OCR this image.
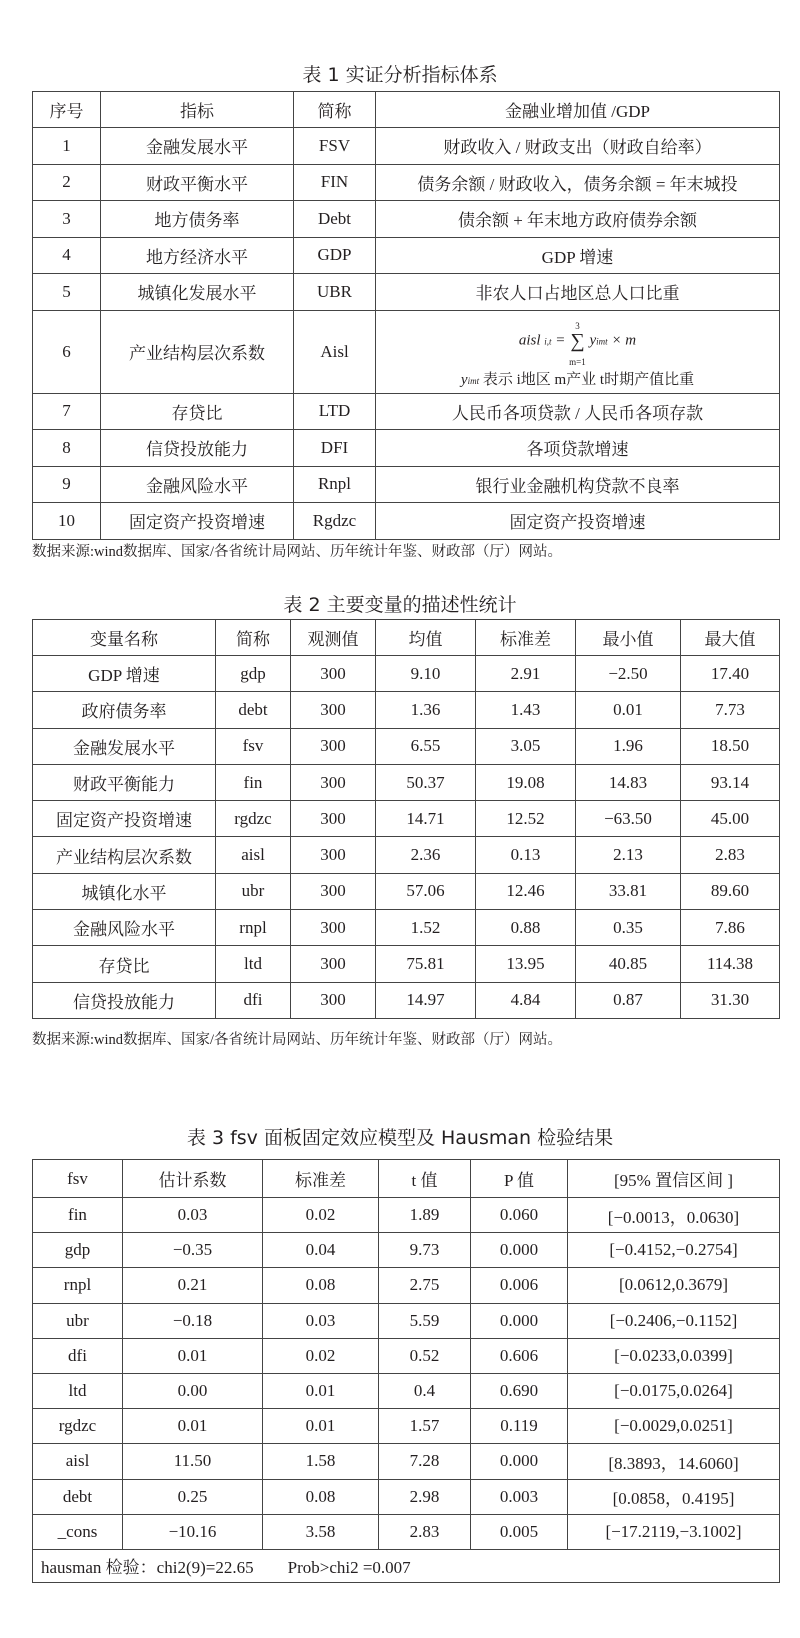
表 1 实证分析指标体系
序号	指标	简称	金融业增加值 /GDP
1	金融发展水平	FSV	财政收入 / 财政支出（财政自给率）
2	财政平衡水平	FIN	债务余额 / 财政收入，债务余额 = 年末城投
3	地方债务率	Debt	债余额 + 年末地方政府债券余额
4	地方经济水平	GDP	GDP 增速
5	城镇化发展水平	UBR	非农人口占地区总人口比重
6	产业结构层次系数	Aisl	aisl i,t = 3
∑
m=1 yimt × m
yimt 表示 i地区 m产业 t时期产值比重

7	存贷比	LTD	人民币各项贷款 / 人民币各项存款
8	信贷投放能力	DFI	各项贷款增速
9	金融风险水平	Rnpl	银行业金融机构贷款不良率
10	固定资产投资增速	Rgdzc	固定资产投资增速
数据来源:wind数据库、国家/各省统计局网站、历年统计年鉴、财政部（厅）网站。
表 2 主要变量的描述性统计
变量名称	简称	观测值	均值	标准差	最小值	最大值
GDP 增速	gdp	300	9.10	2.91	−2.50	17.40
政府债务率	debt	300	1.36	1.43	0.01	7.73
金融发展水平	fsv	300	6.55	3.05	1.96	18.50
财政平衡能力	fin	300	50.37	19.08	14.83	93.14
固定资产投资增速	rgdzc	300	14.71	12.52	−63.50	45.00
产业结构层次系数	aisl	300	2.36	0.13	2.13	2.83
城镇化水平	ubr	300	57.06	12.46	33.81	89.60
金融风险水平	rnpl	300	1.52	0.88	0.35	7.86
存贷比	ltd	300	75.81	13.95	40.85	114.38
信贷投放能力	dfi	300	14.97	4.84	0.87	31.30
数据来源:wind数据库、国家/各省统计局网站、历年统计年鉴、财政部（厅）网站。
表 3 fsv 面板固定效应模型及 Hausman 检验结果
fsv	估计系数	标准差	t 值	P 值	[95% 置信区间 ]
fin	0.03	0.02	1.89	0.060	[−0.0013，0.0630]
gdp	−0.35	0.04	9.73	0.000	[−0.4152,−0.2754]
rnpl	0.21	0.08	2.75	0.006	[0.0612,0.3679]
ubr	−0.18	0.03	5.59	0.000	[−0.2406,−0.1152]
dfi	0.01	0.02	0.52	0.606	[−0.0233,0.0399]
ltd	0.00	0.01	0.4	0.690	[−0.0175,0.0264]
rgdzc	0.01	0.01	1.57	0.119	[−0.0029,0.0251]
aisl	11.50	1.58	7.28	0.000	[8.3893，14.6060]
debt	0.25	0.08	2.98	0.003	[0.0858，0.4195]
_cons	−10.16	3.58	2.83	0.005	[−17.2119,−3.1002]
hausman 检验：chi2(9)=22.65 Prob>chi2 =0.007					
